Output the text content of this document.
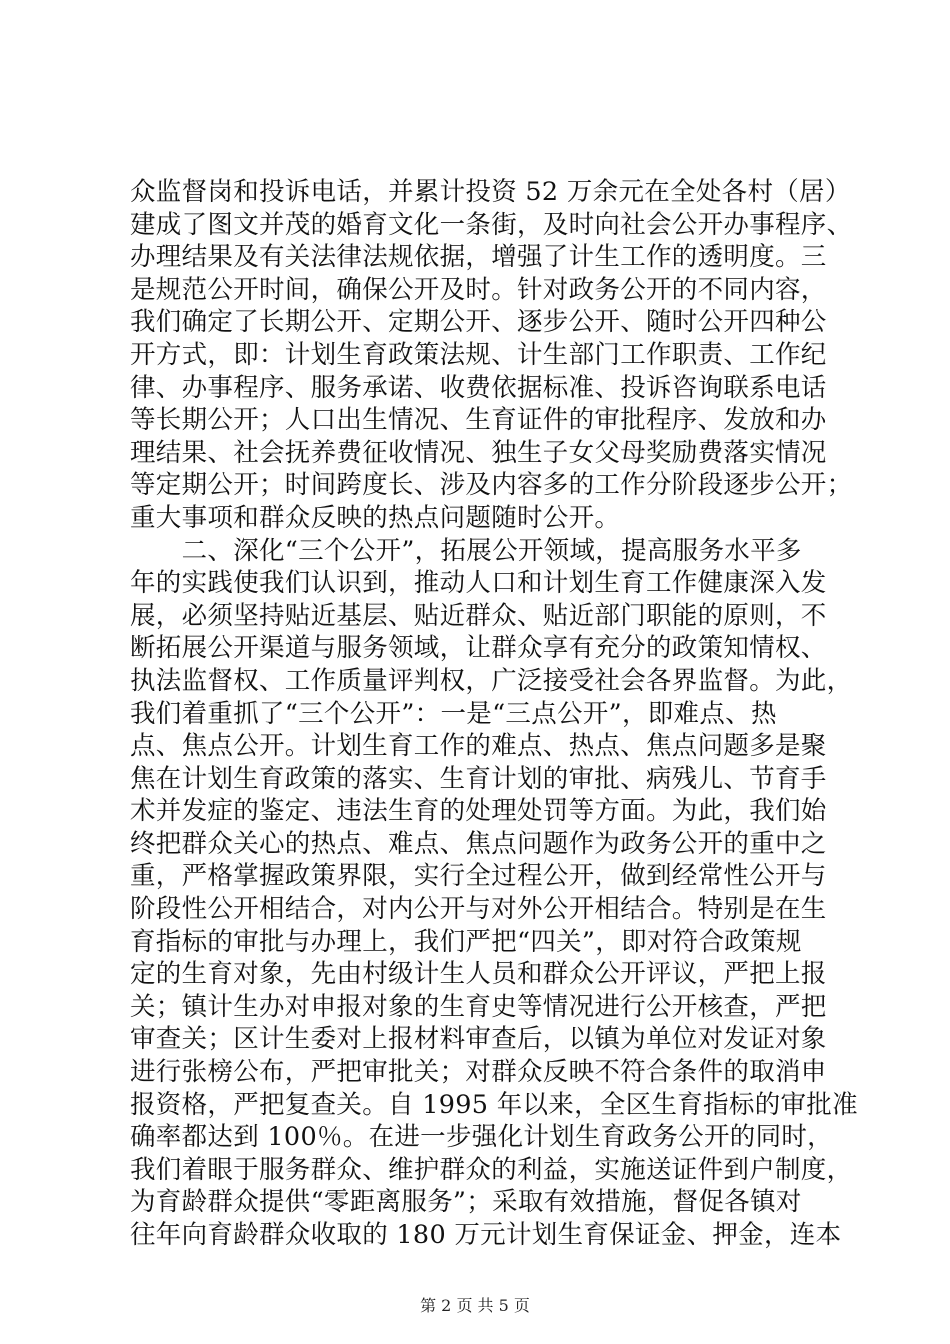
众监督岗和投诉电话，并累计投资 52 万余元在全处各村（居）
建成了图文并茂的婚育文化一条街，及时向社会公开办事程序、
办理结果及有关法律法规依据，增强了计生工作的透明度。三
是规范公开时间，确保公开及时。针对政务公开的不同内容，
我们确定了长期公开、定期公开、逐步公开、随时公开四种公
开方式，即：计划生育政策法规、计生部门工作职责、工作纪
律、办事程序、服务承诺、收费依据标准、投诉咨询联系电话
等长期公开；人口出生情况、生育证件的审批程序、发放和办
理结果、社会抚养费征收情况、独生子女父母奖励费落实情况
等定期公开；时间跨度长、涉及内容多的工作分阶段逐步公开；
重大事项和群众反映的热点问题随时公开。
　　二、深化“三个公开”，拓展公开领域，提高服务水平多
年的实践使我们认识到，推动人口和计划生育工作健康深入发
展，必须坚持贴近基层、贴近群众、贴近部门职能的原则，不
断拓展公开渠道与服务领域，让群众享有充分的政策知情权、
执法监督权、工作质量评判权，广泛接受社会各界监督。为此，
我们着重抓了“三个公开”：一是“三点公开”，即难点、热
点、焦点公开。计划生育工作的难点、热点、焦点问题多是聚
焦在计划生育政策的落实、生育计划的审批、病残儿、节育手
术并发症的鉴定、违法生育的处理处罚等方面。为此，我们始
终把群众关心的热点、难点、焦点问题作为政务公开的重中之
重，严格掌握政策界限，实行全过程公开，做到经常性公开与
阶段性公开相结合，对内公开与对外公开相结合。特别是在生
育指标的审批与办理上，我们严把“四关”，即对符合政策规
定的生育对象，先由村级计生人员和群众公开评议，严把上报
关；镇计生办对申报对象的生育史等情况进行公开核查，严把
审查关；区计生委对上报材料审查后，以镇为单位对发证对象
进行张榜公布，严把审批关；对群众反映不符合条件的取消申
报资格，严把复查关。自 1995 年以来，全区生育指标的审批准
确率都达到 100％。在进一步强化计划生育政务公开的同时，
我们着眼于服务群众、维护群众的利益，实施送证件到户制度，
为育龄群众提供“零距离服务”；采取有效措施，督促各镇对
往年向育龄群众收取的 180 万元计划生育保证金、押金，连本
第 2 页 共 5 页
